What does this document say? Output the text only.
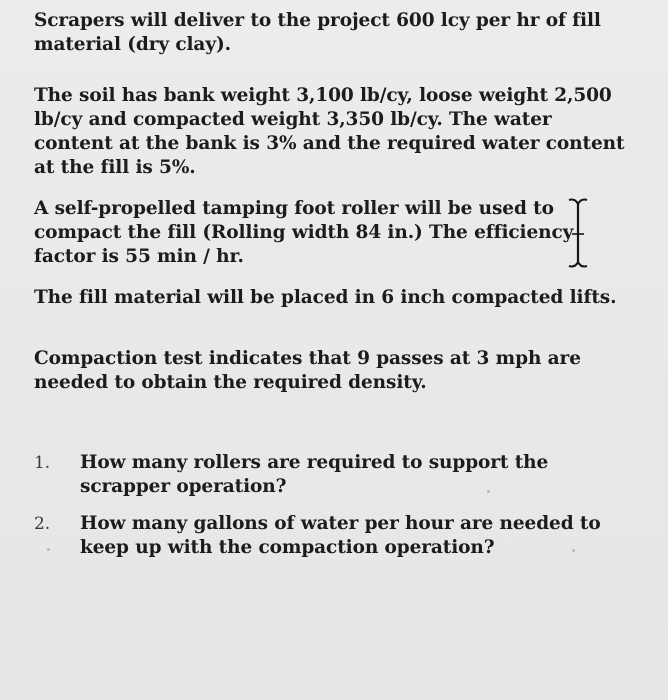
Scrapers will deliver to the project 600 lcy per hr of fill material (dry clay).

The soil has bank weight 3,100 lb/cy, loose weight 2,500 lb/cy and compacted weight 3,350 lb/cy. The water content at the bank is 3% and the required water content at the fill is 5%.

A self-propelled tamping foot roller will be used to compact the fill (Rolling width 84 in.) The efficiency factor is 55 min / hr.

The fill material will be placed in 6 inch compacted lifts.

Compaction test indicates that 9 passes at 3 mph are needed to obtain the required density.

1. How many rollers are required to support the scrapper operation?
2. How many gallons of water per hour are needed to keep up with the compaction operation?
